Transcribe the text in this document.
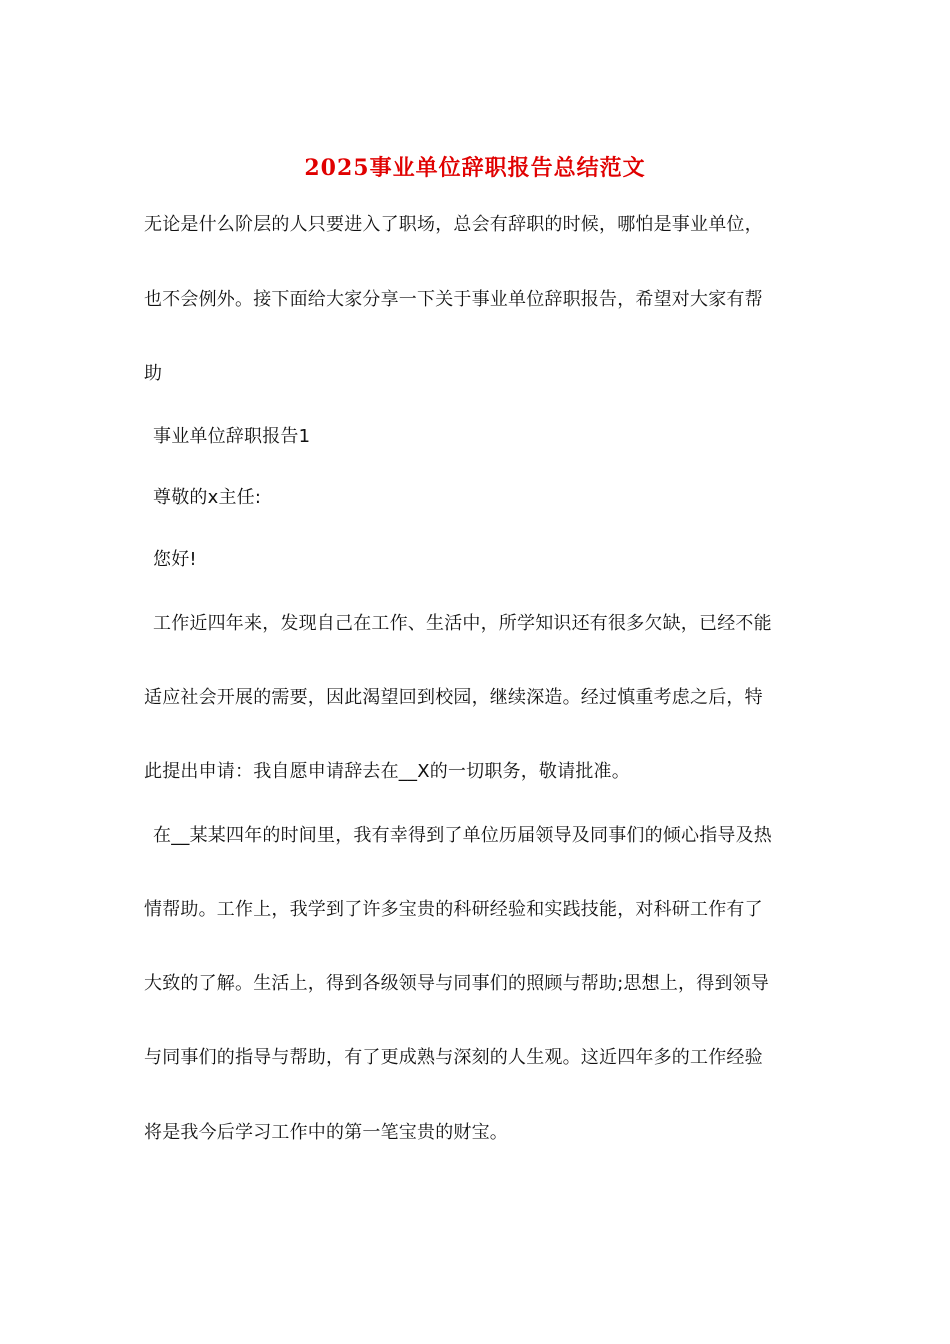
2025事业单位辞职报告总结范文
无论是什么阶层的人只要进入了职场，总会有辞职的时候，哪怕是事业单位，
也不会例外。接下面给大家分享一下关于事业单位辞职报告，希望对大家有帮
助
事业单位辞职报告1
尊敬的x主任:
您好!
工作近四年来，发现自己在工作、生活中，所学知识还有很多欠缺，已经不能
适应社会开展的需要，因此渴望回到校园，继续深造。经过慎重考虑之后，特
此提出申请：我自愿申请辞去在__X的一切职务，敬请批准。
在__某某四年的时间里，我有幸得到了单位历届领导及同事们的倾心指导及热
情帮助。工作上，我学到了许多宝贵的科研经验和实践技能，对科研工作有了
大致的了解。生活上，得到各级领导与同事们的照顾与帮助;思想上，得到领导
与同事们的指导与帮助，有了更成熟与深刻的人生观。这近四年多的工作经验
将是我今后学习工作中的第一笔宝贵的财宝。
